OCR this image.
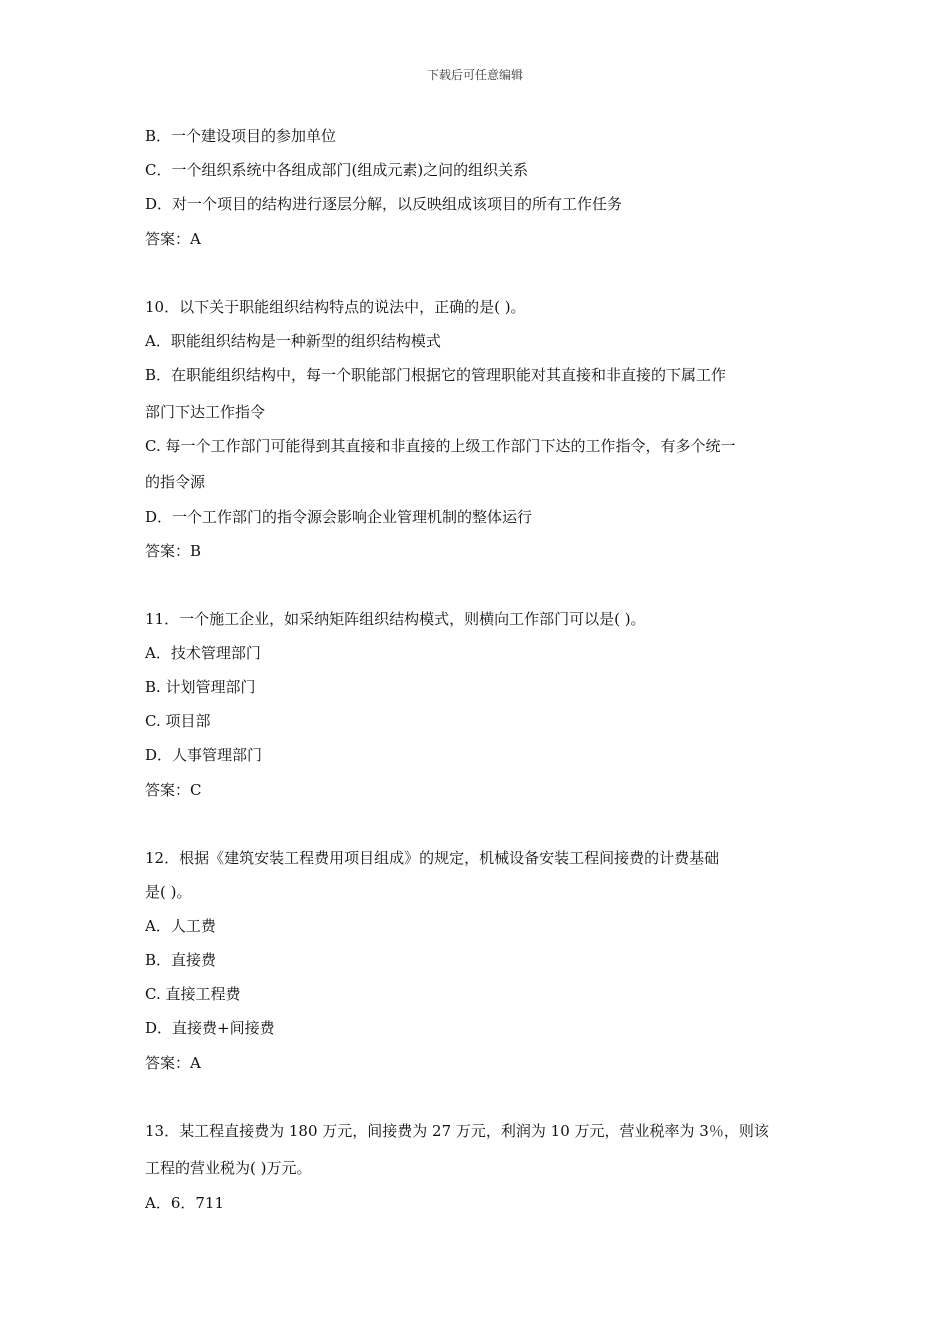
下载后可任意编辑
B．一个建设项目的参加单位
C．一个组织系统中各组成部门(组成元素)之问的组织关系
D．对一个项目的结构进行逐层分解，以反映组成该项目的所有工作任务
答案：A
10．以下关于职能组织结构特点的说法中，正确的是( )。
A．职能组织结构是一种新型的组织结构模式
B．在职能组织结构中，每一个职能部门根据它的管理职能对其直接和非直接的下属工作
部门下达工作指令
C. 每一个工作部门可能得到其直接和非直接的上级工作部门下达的工作指令，有多个统一
的指令源
D．一个工作部门的指令源会影响企业管理机制的整体运行
答案：B
11．一个施工企业，如采纳矩阵组织结构模式，则横向工作部门可以是( )。
A．技术管理部门
B. 计划管理部门
C. 项目部
D．人事管理部门
答案：C
12．根据《建筑安装工程费用项目组成》的规定，机械设备安装工程间接费的计费基础
是( )。
A．人工费
B．直接费
C. 直接工程费
D．直接费+间接费
答案：A
13．某工程直接费为 180 万元，间接费为 27 万元，利润为 10 万元，营业税率为 3％，则该
工程的营业税为( )万元。
A．6．711
